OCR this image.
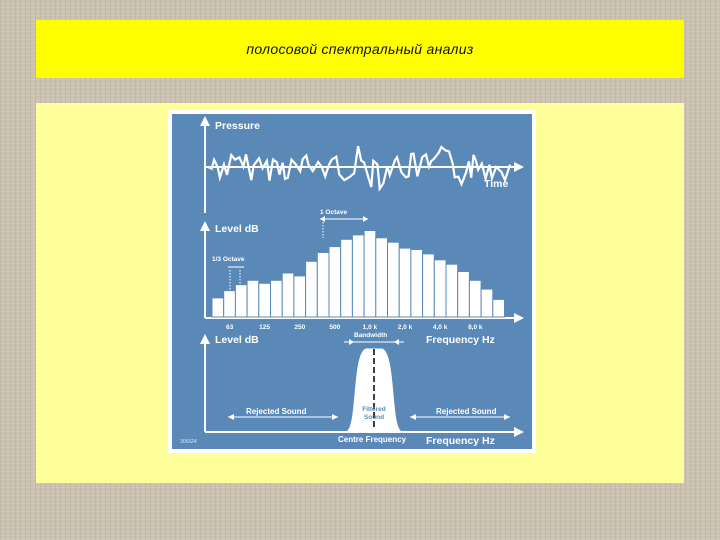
полосовой спектральный анализ
Pressure
Time
63	125	250	500	1,0 k	2,0 k	4,0 k	8,0 k
Level dB
1 Octave
1/3 Octave
Bandwidth
Filtered
Sound
Level dB	Frequency Hz
Frequency Hz
Rejected Sound	Rejected Sound
Centre Frequency
306624
